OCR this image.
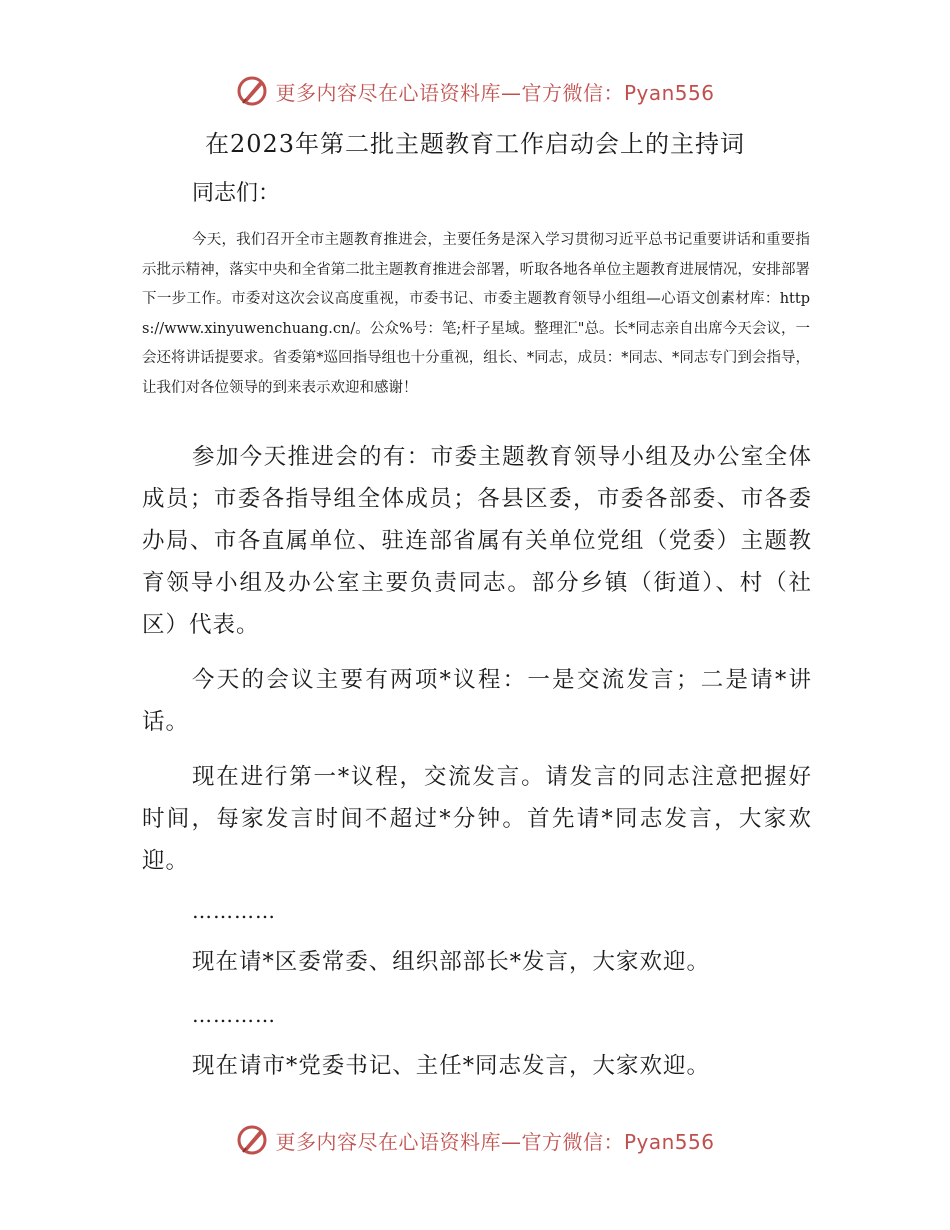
更多内容尽在心语资料库—官方微信：Pyan556
在2023年第二批主题教育工作启动会上的主持词

同志们：

今天，我们召开全市主题教育推进会，主要任务是深入学习贯彻习近平总书记重要讲话和重要指示批示精神，落实中央和全省第二批主题教育推进会部署，听取各地各单位主题教育进展情况，安排部署下一步工作。市委对这次会议高度重视，市委书记、市委主题教育领导小组组—心语文创素材库：https://www.xinyuwenchuang.cn/。公众%号：笔;杆子星域。整理汇"总。长*同志亲自出席今天会议，一会还将讲话提要求。省委第*巡回指导组也十分重视，组长、*同志，成员：*同志、*同志专门到会指导，让我们对各位领导的到来表示欢迎和感谢！

参加今天推进会的有：市委主题教育领导小组及办公室全体成员；市委各指导组全体成员；各县区委，市委各部委、市各委办局、市各直属单位、驻连部省属有关单位党组（党委）主题教育领导小组及办公室主要负责同志。部分乡镇（街道）、村（社区）代表。

今天的会议主要有两项*议程：一是交流发言；二是请*讲话。

现在进行第一*议程，交流发言。请发言的同志注意把握好时间，每家发言时间不超过*分钟。首先请*同志发言，大家欢迎。

…………

现在请*区委常委、组织部部长*发言，大家欢迎。

…………

现在请市*党委书记、主任*同志发言，大家欢迎。

更多内容尽在心语资料库—官方微信：Pyan556
